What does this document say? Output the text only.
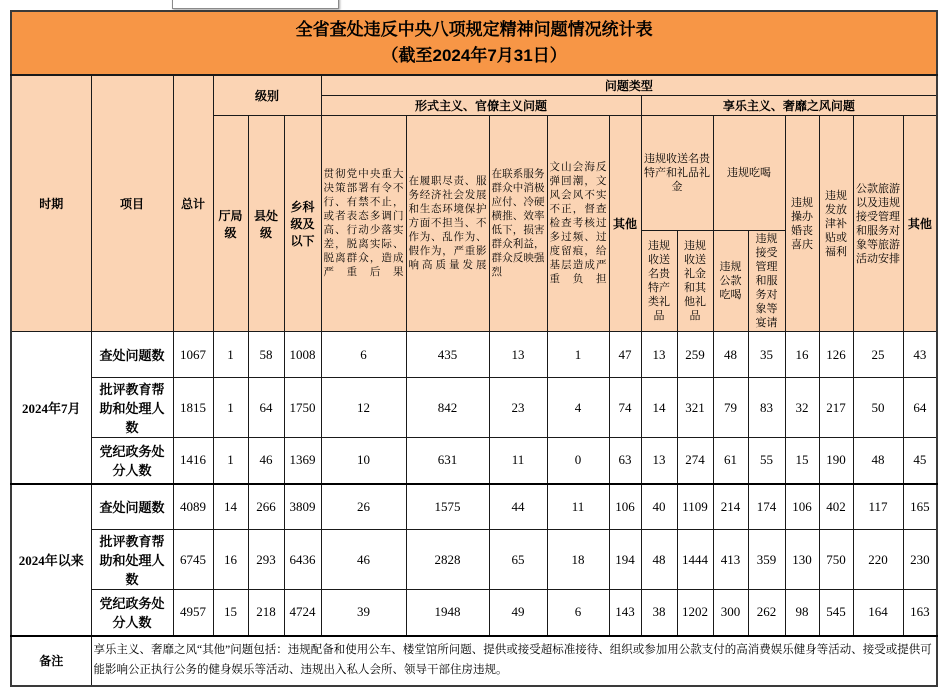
全省查处违反中央八项规定精神问题情况统计表
（截至2024年7月31日）																		

时期	项目	总计	级别			问题类型												
						形式主义、官僚主义问题					享乐主义、奢靡之风问题							
			厅局级	县处级	乡科级及以下	贯彻党中央重大决策部署有令不行、有禁不止，或者表态多调门高、行动少落实差，脱离实际、脱离群众，造成严重后果	在履职尽责、服务经济社会发展和生态环境保护方面不担当、不作为、乱作为、假作为，严重影响高质量发展	在联系服务群众中消极应付、冷硬横推、效率低下，损害群众利益，群众反映强烈	文山会海反弹回潮，文风会风不实不正，督查检查考核过多过频、过度留痕，给基层造成严重负担	其他	违规收送名贵特产和礼品礼金		违规吃喝		违规操办婚丧喜庆	违规发放津补贴或福利	公款旅游以及违规接受管理和服务对象等旅游活动安排	其他
											违规收送名贵特产类礼品	违规收送礼金和其他礼品	违规公款吃喝	违规接受管理和服务对象等宴请				
2024年7月	查处问题数	1067	1	58	1008	6	435	13	1	47	13	259	48	35	16	126	25	43
	批评教育帮助和处理人数	1815	1	64	1750	12	842	23	4	74	14	321	79	83	32	217	50	64
	党纪政务处分人数	1416	1	46	1369	10	631	11	0	63	13	274	61	55	15	190	48	45
2024年以来	查处问题数	4089	14	266	3809	26	1575	44	11	106	40	1109	214	174	106	402	117	165
	批评教育帮助和处理人数	6745	16	293	6436	46	2828	65	18	194	48	1444	413	359	130	750	220	230
	党纪政务处分人数	4957	15	218	4724	39	1948	49	6	143	38	1202	300	262	98	545	164	163
备注	享乐主义、奢靡之风“其他”问题包括：违规配备和使用公车、楼堂馆所问题、提供或接受超标准接待、组织或参加用公款支付的高消费娱乐健身等活动、接受或提供可能影响公正执行公务的健身娱乐等活动、违规出入私人会所、领导干部住房违规。																	
